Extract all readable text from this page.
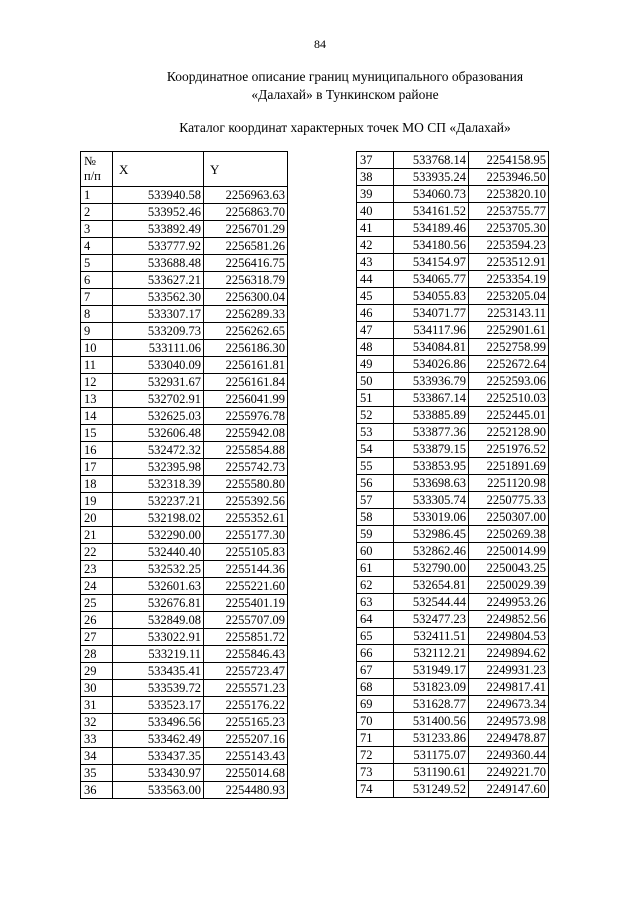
84
Координатное описание границ муниципального образования
«Далахай» в Тункинском районе
Каталог координат характерных точек МО СП «Далахай»
№
п/п	X	Y
1	533940.58	2256963.63
2	533952.46	2256863.70
3	533892.49	2256701.29
4	533777.92	2256581.26
5	533688.48	2256416.75
6	533627.21	2256318.79
7	533562.30	2256300.04
8	533307.17	2256289.33
9	533209.73	2256262.65
10	533111.06	2256186.30
11	533040.09	2256161.81
12	532931.67	2256161.84
13	532702.91	2256041.99
14	532625.03	2255976.78
15	532606.48	2255942.08
16	532472.32	2255854.88
17	532395.98	2255742.73
18	532318.39	2255580.80
19	532237.21	2255392.56
20	532198.02	2255352.61
21	532290.00	2255177.30
22	532440.40	2255105.83
23	532532.25	2255144.36
24	532601.63	2255221.60
25	532676.81	2255401.19
26	532849.08	2255707.09
27	533022.91	2255851.72
28	533219.11	2255846.43
29	533435.41	2255723.47
30	533539.72	2255571.23
31	533523.17	2255176.22
32	533496.56	2255165.23
33	533462.49	2255207.16
34	533437.35	2255143.43
35	533430.97	2255014.68
36	533563.00	2254480.93
37	533768.14	2254158.95
38	533935.24	2253946.50
39	534060.73	2253820.10
40	534161.52	2253755.77
41	534189.46	2253705.30
42	534180.56	2253594.23
43	534154.97	2253512.91
44	534065.77	2253354.19
45	534055.83	2253205.04
46	534071.77	2253143.11
47	534117.96	2252901.61
48	534084.81	2252758.99
49	534026.86	2252672.64
50	533936.79	2252593.06
51	533867.14	2252510.03
52	533885.89	2252445.01
53	533877.36	2252128.90
54	533879.15	2251976.52
55	533853.95	2251891.69
56	533698.63	2251120.98
57	533305.74	2250775.33
58	533019.06	2250307.00
59	532986.45	2250269.38
60	532862.46	2250014.99
61	532790.00	2250043.25
62	532654.81	2250029.39
63	532544.44	2249953.26
64	532477.23	2249852.56
65	532411.51	2249804.53
66	532112.21	2249894.62
67	531949.17	2249931.23
68	531823.09	2249817.41
69	531628.77	2249673.34
70	531400.56	2249573.98
71	531233.86	2249478.87
72	531175.07	2249360.44
73	531190.61	2249221.70
74	531249.52	2249147.60
